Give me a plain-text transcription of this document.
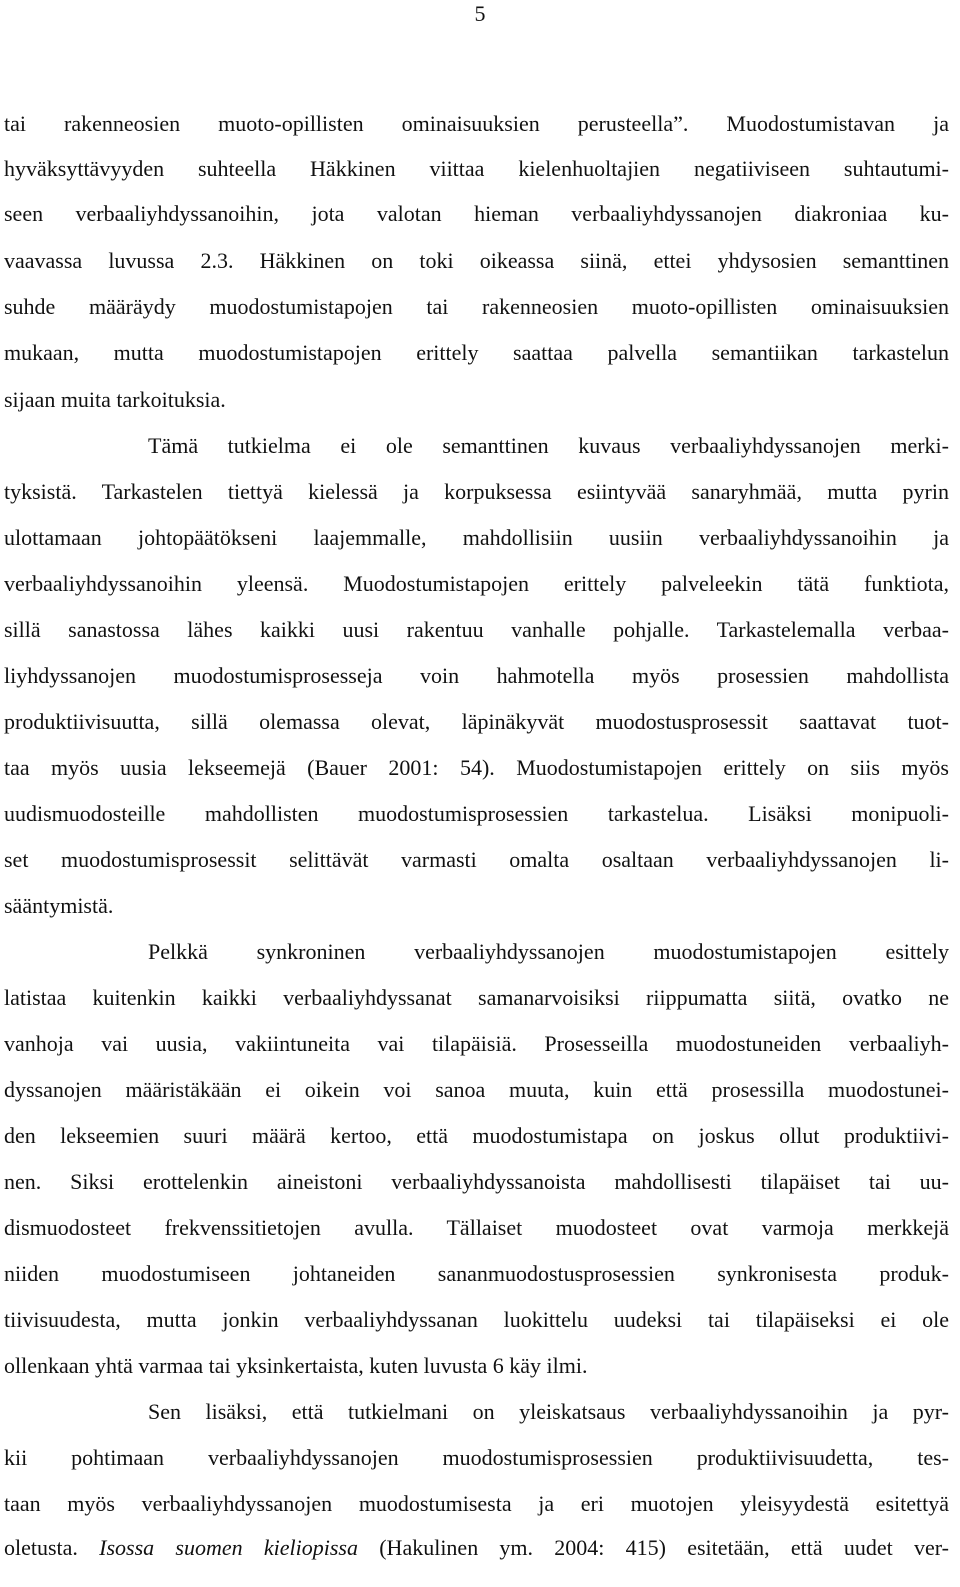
5
tai rakenneosien muoto-opillisten ominaisuuksien perusteella”. Muodostumistavan ja
hyväksyttävyyden suhteella Häkkinen viittaa kielenhuoltajien negatiiviseen suhtautumi-
seen verbaaliyhdyssanoihin, jota valotan hieman verbaaliyhdyssanojen diakroniaa ku-
vaavassa luvussa 2.3. Häkkinen on toki oikeassa siinä, ettei yhdysosien semanttinen
suhde määräydy muodostumistapojen tai rakenneosien muoto-opillisten ominaisuuksien
mukaan, mutta muodostumistapojen erittely saattaa palvella semantiikan tarkastelun
sijaan muita tarkoituksia.
Tämä tutkielma ei ole semanttinen kuvaus verbaaliyhdyssanojen merki-
tyksistä. Tarkastelen tiettyä kielessä ja korpuksessa esiintyvää sanaryhmää, mutta pyrin
ulottamaan johtopäätökseni laajemmalle, mahdollisiin uusiin verbaaliyhdyssanoihin ja
verbaaliyhdyssanoihin yleensä. Muodostumistapojen erittely palveleekin tätä funktiota,
sillä sanastossa lähes kaikki uusi rakentuu vanhalle pohjalle. Tarkastelemalla verbaa-
liyhdyssanojen muodostumisprosesseja voin hahmotella myös prosessien mahdollista
produktiivisuutta, sillä olemassa olevat, läpinäkyvät muodostusprosessit saattavat tuot-
taa myös uusia lekseemejä (Bauer 2001: 54). Muodostumistapojen erittely on siis myös
uudismuodosteille mahdollisten muodostumisprosessien tarkastelua. Lisäksi monipuoli-
set muodostumisprosessit selittävät varmasti omalta osaltaan verbaaliyhdyssanojen li-
sääntymistä.
Pelkkä synkroninen verbaaliyhdyssanojen muodostumistapojen esittely
latistaa kuitenkin kaikki verbaaliyhdyssanat samanarvoisiksi riippumatta siitä, ovatko ne
vanhoja vai uusia, vakiintuneita vai tilapäisiä. Prosesseilla muodostuneiden verbaaliyh-
dyssanojen määristäkään ei oikein voi sanoa muuta, kuin että prosessilla muodostunei-
den lekseemien suuri määrä kertoo, että muodostumistapa on joskus ollut produktiivi-
nen. Siksi erottelenkin aineistoni verbaaliyhdyssanoista mahdollisesti tilapäiset tai uu-
dismuodosteet frekvenssitietojen avulla. Tällaiset muodosteet ovat varmoja merkkejä
niiden muodostumiseen johtaneiden sananmuodostusprosessien synkronisesta produk-
tiivisuudesta, mutta jonkin verbaaliyhdyssanan luokittelu uudeksi tai tilapäiseksi ei ole
ollenkaan yhtä varmaa tai yksinkertaista, kuten luvusta 6 käy ilmi.
Sen lisäksi, että tutkielmani on yleiskatsaus verbaaliyhdyssanoihin ja pyr-
kii pohtimaan verbaaliyhdyssanojen muodostumisprosessien produktiivisuudetta, tes-
taan myös verbaaliyhdyssanojen muodostumisesta ja eri muotojen yleisyydestä esitettyä
oletusta. Isossa suomen kieliopissa (Hakulinen ym. 2004: 415) esitetään, että uudet ver-
